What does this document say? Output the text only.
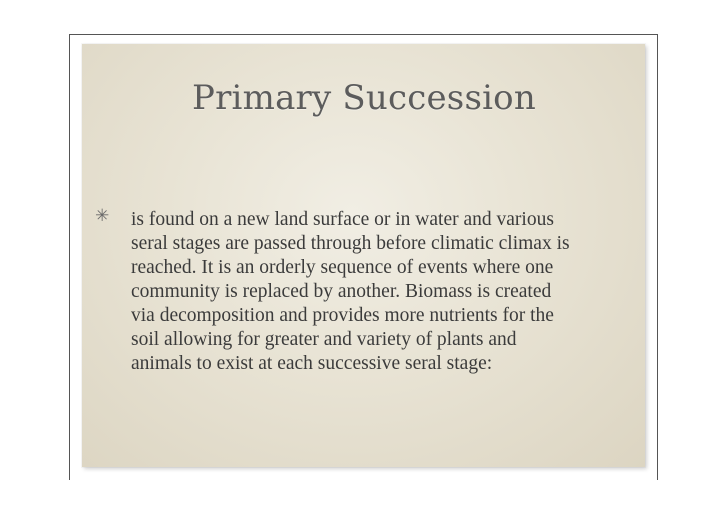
Primary Succession
✳ is found on a new land surface or in water and various
seral stages are passed through before climatic climax is
reached. It is an orderly sequence of events where one
community is replaced by another. Biomass is created
via decomposition and provides more nutrients for the
soil allowing for greater and variety of plants and
animals to exist at each successive seral stage:
